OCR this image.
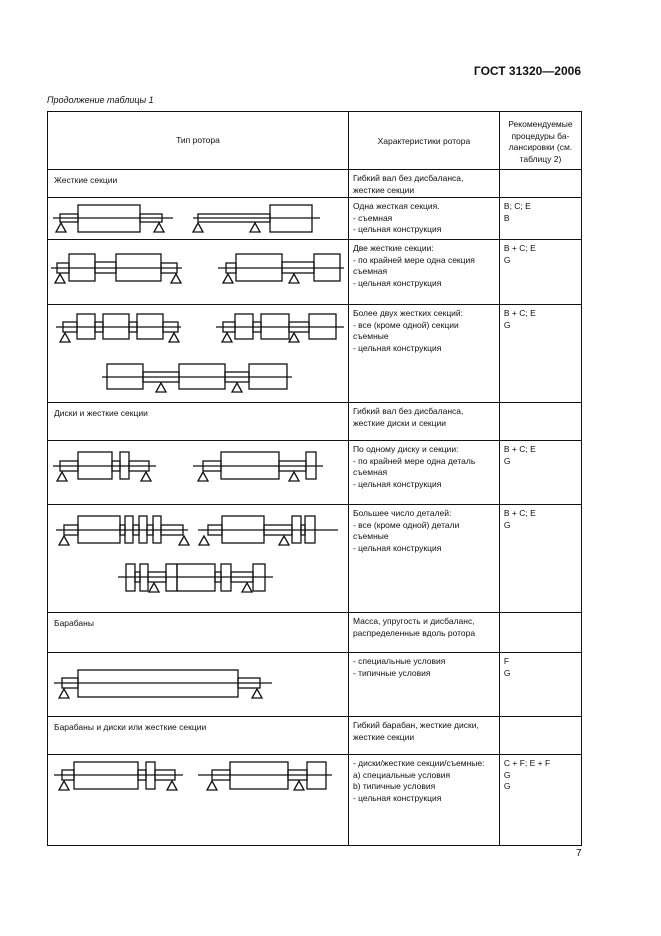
ГОСТ 31320—2006
Продолжение таблицы 1
Тип ротора	Характеристики ротора	Рекомендуемые процедуры ба-лансировки (см. таблицу 2)
Жесткие секции	Гибкий вал без дисбаланса, жесткие секции	

	Одна жесткая секция.
- съемная
- цельная конструкция	B; C; E
B

	Две жесткие секции:
- по крайней мере одна секция съемная
- цельная конструкция	B + C; E
G

	Более двух жестких секций:
- все (кроме одной) секции съемные
- цельная конструкция	B + C; E
G
Диски и жесткие секции	Гибкий вал без дисбаланса, жесткие диски и секции	

	По одному диску и секции:
- по крайней мере одна деталь съемная
- цельная конструкция	B + C; E
G

	Большее число деталей:
- все (кроме одной) детали съемные
- цельная конструкция	B + C; E
G
Барабаны	Масса, упругость и дисбаланс, распределенные вдоль ротора	

	- специальные условия
- типичные условия	F
G
Барабаны и диски или жесткие секции	Гибкий барабан, жесткие диски, жесткие секции	

	- диски/жесткие секции/съемные:
а) специальные условия
b) типичные условия
- цельная конструкция	C + F; E + F
G
G
7
